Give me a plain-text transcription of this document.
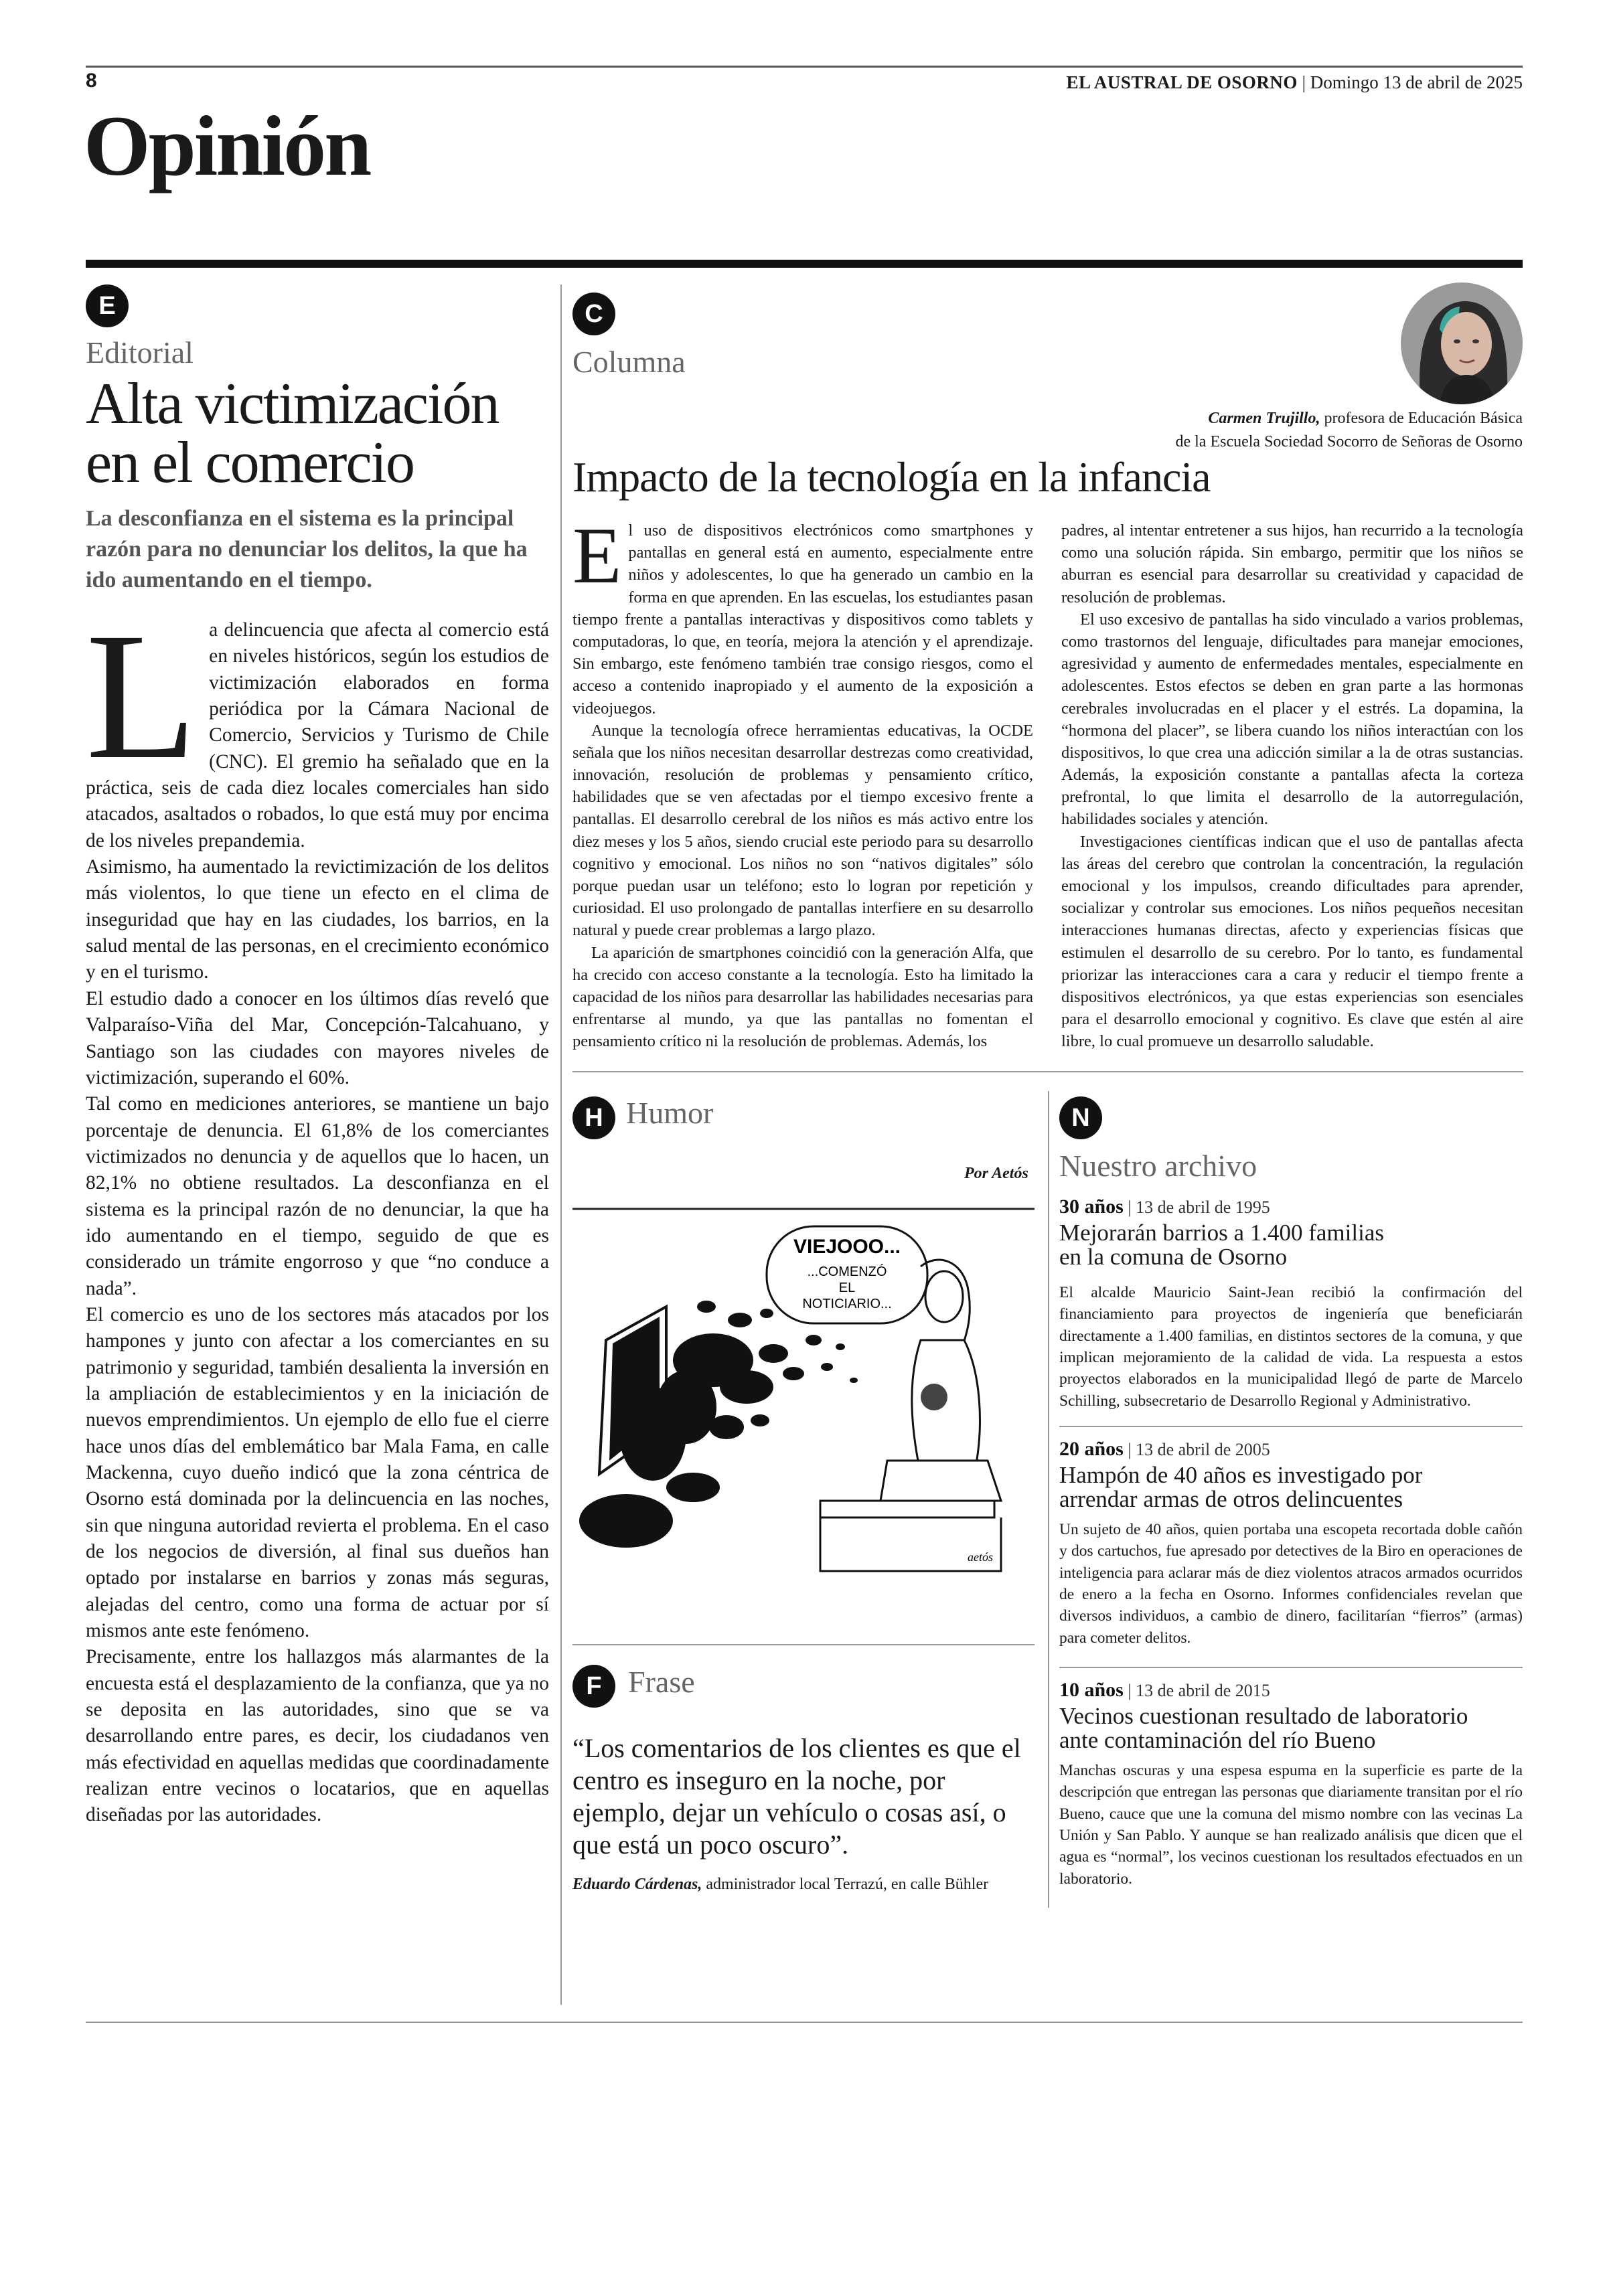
8	EL AUSTRAL DE OSORNO | Domingo 13 de abril de 2025
Opinión
E
Editorial
Alta victimización
en el comercio
La desconfianza en el sistema es la principal razón para no denunciar los delitos, la que ha ido aumentando en el tiempo.
L a delincuencia que afecta al comercio está en niveles históricos, según los estudios de victimización elaborados en forma periódica por la Cámara Nacional de Comercio, Servicios y Turismo de Chile (CNC). El gremio ha señalado que en la práctica, seis de cada diez locales comerciales han sido atacados, asaltados o robados, lo que está muy por encima de los niveles prepandemia.

Asimismo, ha aumentado la revictimización de los delitos más violentos, lo que tiene un efecto en el clima de inseguridad que hay en las ciudades, los barrios, en la salud mental de las personas, en el crecimiento económico y en el turismo.

El estudio dado a conocer en los últimos días reveló que Valparaíso-Viña del Mar, Concepción-Talcahuano, y Santiago son las ciudades con mayores niveles de victimización, superando el 60%.

Tal como en mediciones anteriores, se mantiene un bajo porcentaje de denuncia. El 61,8% de los comerciantes victimizados no denuncia y de aquellos que lo hacen, un 82,1% no obtiene resultados. La desconfianza en el sistema es la principal razón de no denunciar, la que ha ido aumentando en el tiempo, seguido de que es considerado un trámite engorroso y que “no conduce a nada”.

El comercio es uno de los sectores más atacados por los hampones y junto con afectar a los comerciantes en su patrimonio y seguridad, también desalienta la inversión en la ampliación de establecimientos y en la iniciación de nuevos emprendimientos. Un ejemplo de ello fue el cierre hace unos días del emblemático bar Mala Fama, en calle Mackenna, cuyo dueño indicó que la zona céntrica de Osorno está dominada por la delincuencia en las noches, sin que ninguna autoridad revierta el problema. En el caso de los negocios de diversión, al final sus dueños han optado por instalarse en barrios y zonas más seguras, alejadas del centro, como una forma de actuar por sí mismos ante este fenómeno.

Precisamente, entre los hallazgos más alarmantes de la encuesta está el desplazamiento de la confianza, que ya no se deposita en las autoridades, sino que se va desarrollando entre pares, es decir, los ciudadanos ven más efectividad en aquellas medidas que coordinadamente realizan entre vecinos o locatarios, que en aquellas diseñadas por las autoridades.

C
Columna
Carmen Trujillo, profesora de Educación Básica
de la Escuela Sociedad Socorro de Señoras de Osorno
Impacto de la tecnología en la infancia
E l uso de dispositivos electrónicos como smartphones y pantallas en general está en aumento, especialmente entre niños y adolescentes, lo que ha generado un cambio en la forma en que aprenden. En las escuelas, los estudiantes pasan tiempo frente a pantallas interactivas y dispositivos como tablets y computadoras, lo que, en teoría, mejora la atención y el aprendizaje. Sin embargo, este fenómeno también trae consigo riesgos, como el acceso a contenido inapropiado y el aumento de la exposición a videojuegos.

Aunque la tecnología ofrece herramientas educativas, la OCDE señala que los niños necesitan desarrollar destrezas como creatividad, innovación, resolución de problemas y pensamiento crítico, habilidades que se ven afectadas por el tiempo excesivo frente a pantallas. El desarrollo cerebral de los niños es más activo entre los diez meses y los 5 años, siendo crucial este periodo para su desarrollo cognitivo y emocional. Los niños no son “nativos digitales” sólo porque puedan usar un teléfono; esto lo logran por repetición y curiosidad. El uso prolongado de pantallas interfiere en su desarrollo natural y puede crear problemas a largo plazo.

La aparición de smartphones coincidió con la generación Alfa, que ha crecido con acceso constante a la tecnología. Esto ha limitado la capacidad de los niños para desarrollar las habilidades necesarias para enfrentarse al mundo, ya que las pantallas no fomentan el pensamiento crítico ni la resolución de problemas. Además, los

padres, al intentar entretener a sus hijos, han recurrido a la tecnología como una solución rápida. Sin embargo, permitir que los niños se aburran es esencial para desarrollar su creatividad y capacidad de resolución de problemas.

El uso excesivo de pantallas ha sido vinculado a varios problemas, como trastornos del lenguaje, dificultades para manejar emociones, agresividad y aumento de enfermedades mentales, especialmente en adolescentes. Estos efectos se deben en gran parte a las hormonas cerebrales involucradas en el placer y el estrés. La dopamina, la “hormona del placer”, se libera cuando los niños interactúan con los dispositivos, lo que crea una adicción similar a la de otras sustancias. Además, la exposición constante a pantallas afecta la corteza prefrontal, lo que limita el desarrollo de la autorregulación, habilidades sociales y atención.

Investigaciones científicas indican que el uso de pantallas afecta las áreas del cerebro que controlan la concentración, la regulación emocional y los impulsos, creando dificultades para aprender, socializar y controlar sus emociones. Los niños pequeños necesitan interacciones humanas directas, afecto y experiencias físicas que estimulen el desarrollo de su cerebro. Por lo tanto, es fundamental priorizar las interacciones cara a cara y reducir el tiempo frente a dispositivos electrónicos, ya que estas experiencias son esenciales para el desarrollo emocional y cognitivo. Es clave que estén al aire libre, lo cual promueve un desarrollo saludable.

H Humor
Por Aetós
VIEJOOO...
...COMENZÓ
EL
NOTICIARIO...
aetós
F Frase
“Los comentarios de los clientes es que el centro es inseguro en la noche, por ejemplo, dejar un vehículo o cosas así, o que está un poco oscuro”.
Eduardo Cárdenas, administrador local Terrazú, en calle Bühler
N
Nuestro archivo
30 años | 13 de abril de 1995
Mejorarán barrios a 1.400 familias
en la comuna de Osorno
El alcalde Mauricio Saint-Jean recibió la confirmación del financiamiento para proyectos de ingeniería que beneficiarán directamente a 1.400 familias, en distintos sectores de la comuna, y que implican mejoramiento de la calidad de vida. La respuesta a estos proyectos elaborados en la municipalidad llegó de parte de Marcelo Schilling, subsecretario de Desarrollo Regional y Administrativo.
20 años | 13 de abril de 2005
Hampón de 40 años es investigado por
arrendar armas de otros delincuentes
Un sujeto de 40 años, quien portaba una escopeta recortada doble cañón y dos cartuchos, fue apresado por detectives de la Biro en operaciones de inteligencia para aclarar más de diez violentos atracos armados ocurridos de enero a la fecha en Osorno. Informes confidenciales revelan que diversos individuos, a cambio de dinero, facilitarían “fierros” (armas) para cometer delitos.
10 años | 13 de abril de 2015
Vecinos cuestionan resultado de laboratorio
ante contaminación del río Bueno
Manchas oscuras y una espesa espuma en la superficie es parte de la descripción que entregan las personas que diariamente transitan por el río Bueno, cauce que une la comuna del mismo nombre con las vecinas La Unión y San Pablo. Y aunque se han realizado análisis que dicen que el agua es “normal”, los vecinos cuestionan los resultados efectuados en un laboratorio.
